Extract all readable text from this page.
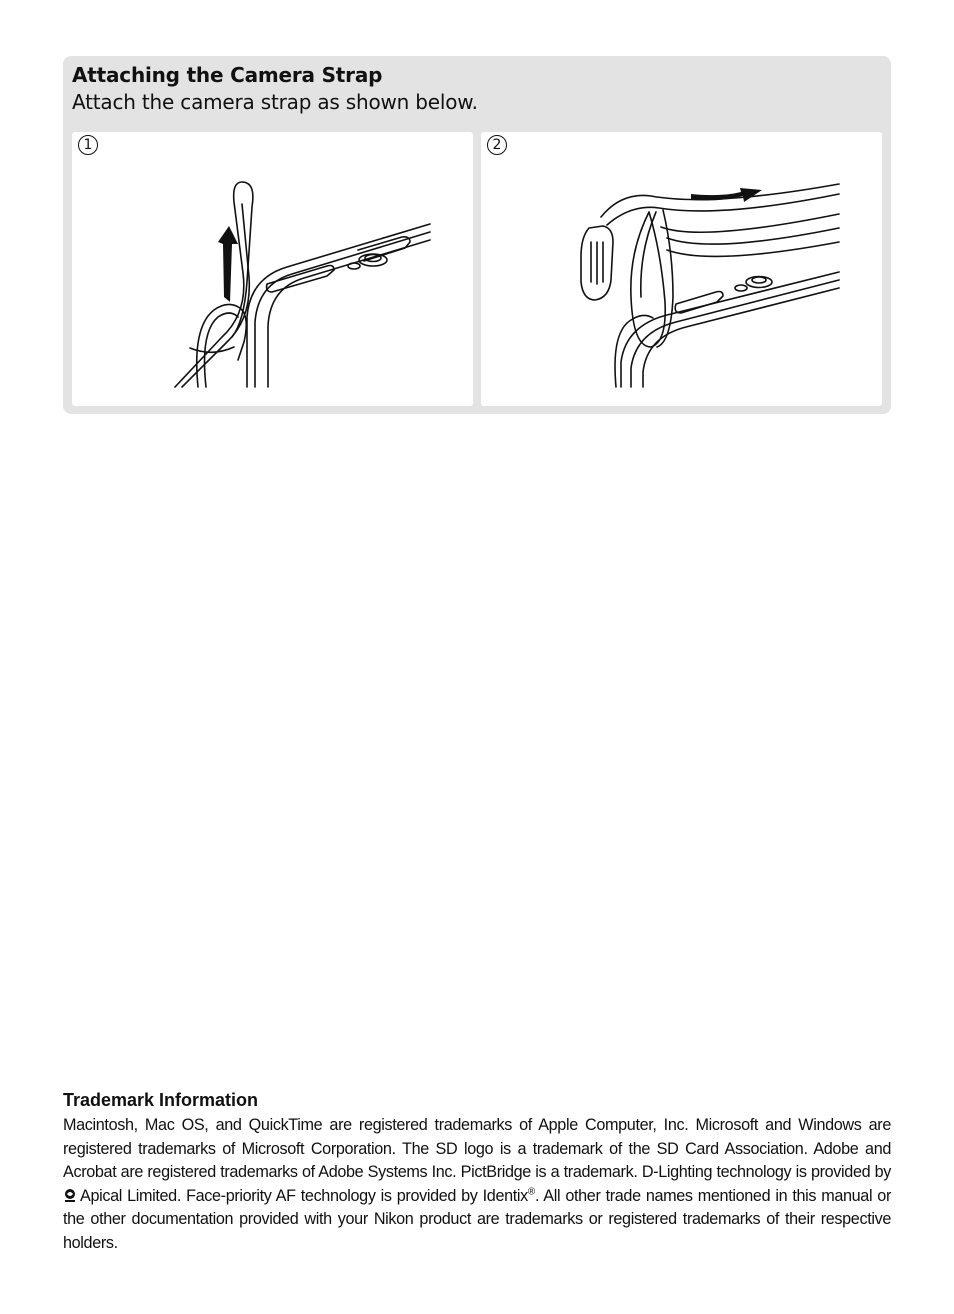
Attaching the Camera Strap
Attach the camera strap as shown below.
1	2

Trademark Information

Macintosh, Mac OS, and QuickTime are registered trademarks of Apple Computer, Inc. Microsoft and Windows are registered trademarks of Microsoft Corporation. The SD logo is a trademark of the SD Card Association. Adobe and Acrobat are registered trademarks of Adobe Systems Inc. PictBridge is a trademark. D-Lighting technology is provided by Apical Limited. Face-priority AF technology is provided by Identix®. All other trade names mentioned in this manual or the other documentation provided with your Nikon product are trademarks or registered trademarks of their respective holders.
